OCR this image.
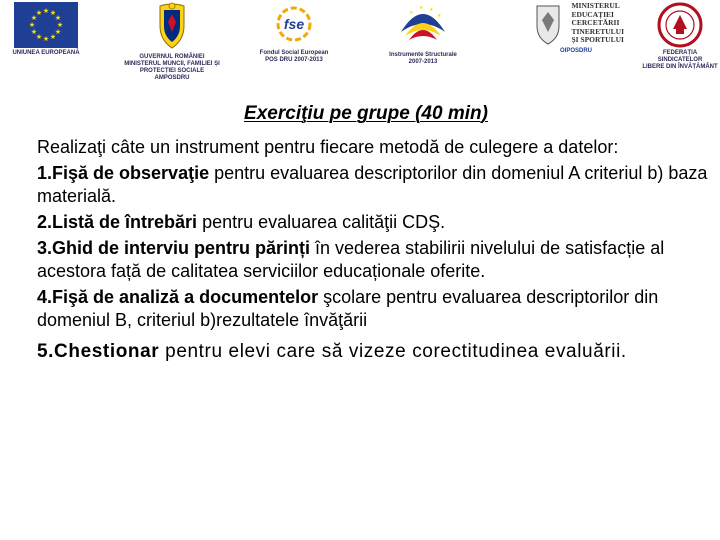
★ ★
★
★
★
★
★
★
★
★
★
★
UNIUNEA EUROPEANĂ
GUVERNUL ROMÂNIEI
MINISTERUL MUNCII, FAMILIEI ȘI
PROTECȚIEI SOCIALE
AMPOSDRU
fse
Fondul Social European
POS DRU 2007-2013
★
★ ★
★
Instrumente Structurale
2007-2013
MINISTERUL
EDUCAȚIEI
CERCETĂRII
TINERETULUI
ȘI SPORTULUI
OIPOSDRU	FEDERAȚIA SINDICATELOR
LIBERE DIN ÎNVĂȚĂMÂNT
Exerciţiu pe grupe (40 min)

Realizaţi câte un instrument pentru fiecare metodă de culegere a datelor:

1.Fişă de observaţie pentru evaluarea descriptorilor din domeniul A criteriul b) baza materială.

2.Listă de întrebări pentru evaluarea calităţii CDŞ.

3.Ghid de interviu pentru părinți în vederea stabilirii nivelului de satisfacție al acestora față de calitatea serviciilor educaționale oferite.

4.Fişă de analiză a documentelor şcolare pentru evaluarea descriptorilor din domeniul B, criteriul b)rezultatele învăţării

5.Chestionar pentru elevi care să vizeze corectitudinea evaluării.
